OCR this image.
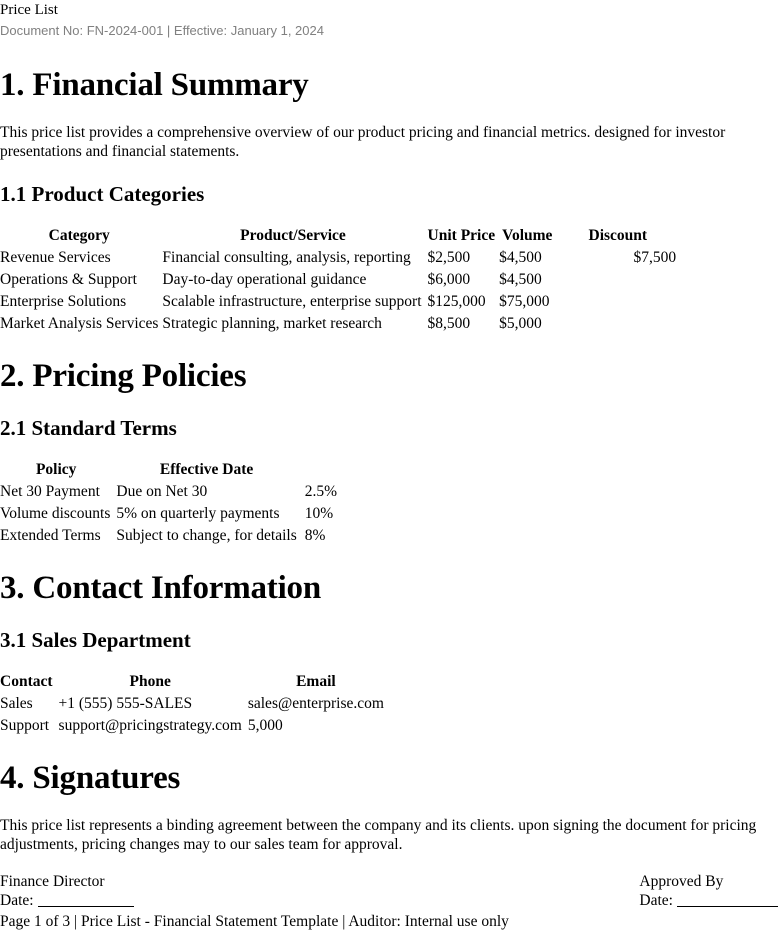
Price List
Document No: FN-2024-001 | Effective: January 1, 2024
1. Financial Summary

This price list provides a comprehensive overview of our product pricing and financial metrics. designed for investor presentations and financial statements.

1.1 Product Categories
Category	Product/Service	Unit Price	Volume	Discount
Revenue Services	Financial consulting, analysis, reporting	$2,500	$4,500	$7,500
Operations & Support	Day-to-day operational guidance	$6,000	$4,500	
Enterprise Solutions	Scalable infrastructure, enterprise support	$125,000	$75,000	
Market Analysis Services	Strategic planning, market research	$8,500	$5,000	
2. Pricing Policies
2.1 Standard Terms
Policy	Effective Date	
Net 30 Payment	Due on Net 30	2.5%
Volume discounts	5% on quarterly payments	10%
Extended Terms	Subject to change, for details	8%
3. Contact Information
3.1 Sales Department
Contact	Phone	Email
Sales	+1 (555) 555-SALES	sales@enterprise.com
Support	support@pricingstrategy.com	5,000
4. Signatures

This price list represents a binding agreement between the company and its clients. upon signing the document for pricing adjustments, pricing changes may to our sales team for approval.

Finance Director
Date:
Approved By
Date:
Page 1 of 3 | Price List - Financial Statement Template | Auditor: Internal use only
